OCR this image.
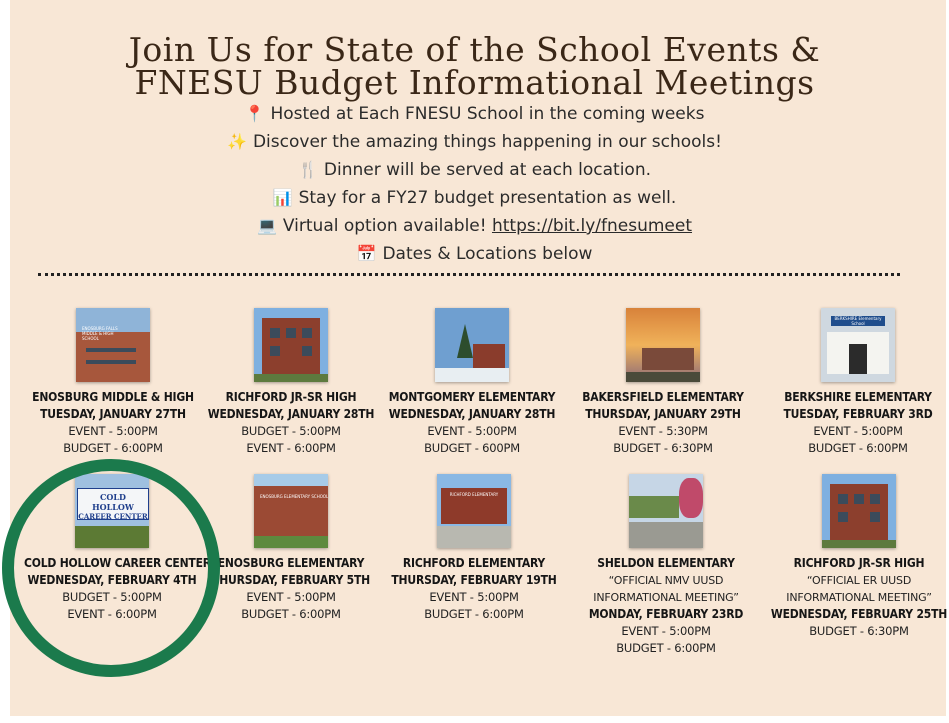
Join Us for State of the School Events &
FNESU Budget Informational Meetings
📍 Hosted at Each FNESU School in the coming weeks
✨ Discover the amazing things happening in our schools!
🍴 Dinner will be served at each location.
📊 Stay for a FY27 budget presentation as well.
💻 Virtual option available! https://bit.ly/fnesumeet
📅 Dates & Locations below
ENOSBURG FALLS MIDDLE & HIGH SCHOOL
ENOSBURG MIDDLE & HIGH
TUESDAY, JANUARY 27TH
EVENT - 5:00PM
BUDGET - 6:00PM
RICHFORD JR-SR HIGH
WEDNESDAY, JANUARY 28TH
BUDGET - 5:00PM
EVENT - 6:00PM
MONTGOMERY ELEMENTARY
WEDNESDAY, JANUARY 28TH
EVENT - 5:00PM
BUDGET - 600PM
BAKERSFIELD ELEMENTARY
THURSDAY, JANUARY 29TH
EVENT - 5:30PM
BUDGET - 6:30PM
BERKSHIRE Elementary School
BERKSHIRE ELEMENTARY
TUESDAY, FEBRUARY 3RD
EVENT - 5:00PM
BUDGET - 6:00PM
COLD HOLLOW
CAREER CENTER
COLD HOLLOW CAREER CENTER
WEDNESDAY, FEBRUARY 4TH
BUDGET - 5:00PM
EVENT - 6:00PM
ENOSBURG ELEMENTARY SCHOOL
ENOSBURG ELEMENTARY
THURSDAY, FEBRUARY 5TH
EVENT - 5:00PM
BUDGET - 6:00PM
RICHFORD ELEMENTARY
RICHFORD ELEMENTARY
THURSDAY, FEBRUARY 19TH
EVENT - 5:00PM
BUDGET - 6:00PM
SHELDON ELEMENTARY
“OFFICIAL NMV UUSD
INFORMATIONAL MEETING”
MONDAY, FEBRUARY 23RD
EVENT - 5:00PM
BUDGET - 6:00PM
RICHFORD JR-SR HIGH
“OFFICIAL ER UUSD
INFORMATIONAL MEETING”
WEDNESDAY, FEBRUARY 25TH
BUDGET - 6:30PM
